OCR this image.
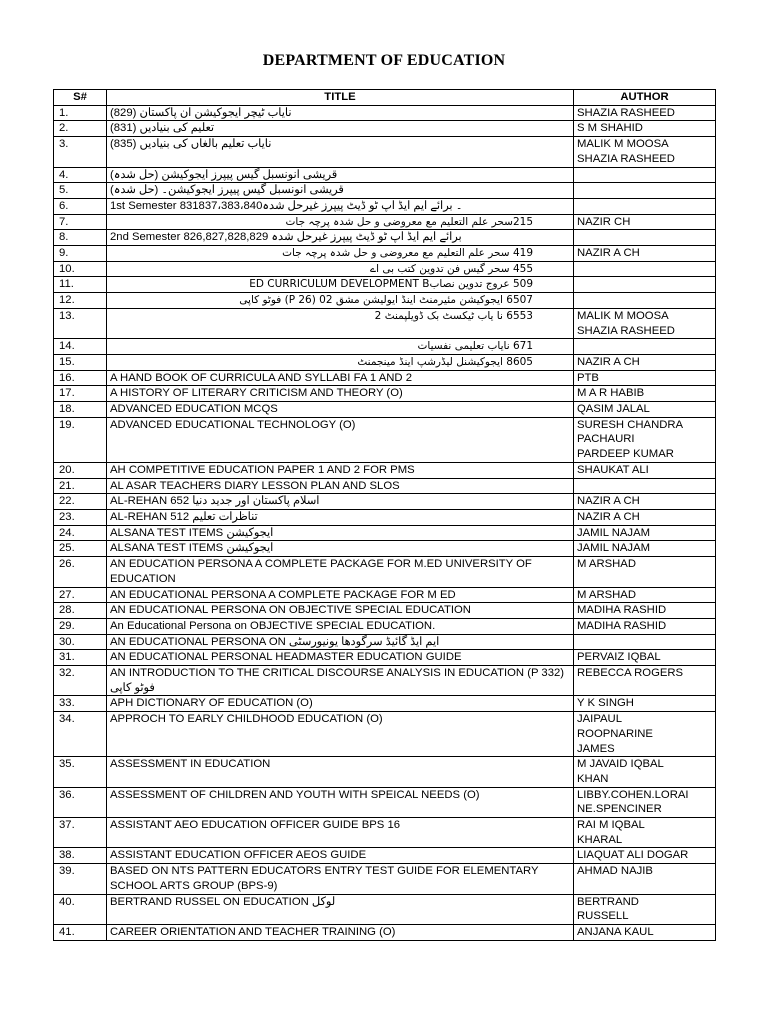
DEPARTMENT OF EDUCATION
S#	TITLE	AUTHOR
1.	نایاب ٹیچر ایجوکیشن ان پاکستان (829)	SHAZIA RASHEED
2.	تعلیم کی بنیادیں (831)	S M SHAHID
3.	نایاب تعلیم بالغاں کی بنیادیں (835)	MALIK M MOOSA
SHAZIA RASHEED
4.	قریشی انونسبل گیس پیپرز ایجوکیشن (حل شدہ)	
5.	قریشی انونسبل گیس پیپرز ایجوکیشن۔ (حل شدہ)	
6.	1st Semester 831837،383،840۔ برائے ایم ایڈ اپ ٹو ڈیٹ پیپرز غیرحل شدہ	
7.	215سحر علم التعلیم مع معروضی و حل شدہ پرچہ جات	NAZIR CH
8.	2nd Semester 826,827,828,829 برائے ایم ایڈ اپ ٹو ڈیٹ پیپرز غیرحل شدہ	
9.	419 سحر علم التعلیم مع معروضی و حل شدہ پرچہ جات	NAZIR A CH
10.	455 سحر گیس فن تدوین کتب بی اے	
11.	509 عروج تدوین نصابED CURRICULUM DEVELOPMENT B	
12.	6507 ایجوکیشن مئیرمنٹ اینڈ ایولیشن مشق 02 (P 26) فوٹو کاپی	
13.	6553 نا یاب ٹیکسٹ بک ڈویلپمنٹ 2	MALIK M MOOSA
SHAZIA RASHEED
14.	671 نایاب تعلیمی نفسیات	
15.	8605 ایجوکیشنل لیڈرشپ اینڈ مینجمنٹ	NAZIR A CH
16.	A HAND BOOK OF CURRICULA AND SYLLABI FA 1 AND 2	PTB
17.	A HISTORY OF LITERARY CRITICISM AND THEORY (O)	M A R HABIB
18.	ADVANCED EDUCATION MCQS	QASIM JALAL
19.	ADVANCED EDUCATIONAL TECHNOLOGY (O)	SURESH CHANDRA
PACHAURI
PARDEEP KUMAR
20.	AH COMPETITIVE EDUCATION PAPER 1 AND 2 FOR PMS	SHAUKAT ALI
21.	AL ASAR TEACHERS DIARY LESSON PLAN AND SLOS	
22.	AL-REHAN 652 اسلام پاکستان اور جدید دنیا	NAZIR A CH
23.	AL-REHAN 512 تناظرات تعلیم	NAZIR A CH
24.	ALSANA TEST ITEMS ایجوکیشن	JAMIL NAJAM
25.	ALSANA TEST ITEMS ایجوکیشن	JAMIL NAJAM
26.	AN EDUCATION PERSONA A COMPLETE PACKAGE FOR M.ED UNIVERSITY OF EDUCATION	M ARSHAD
27.	AN EDUCATIONAL PERSONA A COMPLETE PACKAGE FOR M ED	M ARSHAD
28.	AN EDUCATIONAL PERSONA ON OBJECTIVE SPECIAL EDUCATION	MADIHA RASHID
29.	An Educational Persona on OBJECTIVE SPECIAL EDUCATION.	MADIHA RASHID
30.	AN EDUCATIONAL PERSONA ON ایم ایڈ گائیڈ سرگودھا یونیورسٹی	
31.	AN EDUCATIONAL PERSONAL HEADMASTER EDUCATION GUIDE	PERVAIZ IQBAL
32.	AN INTRODUCTION TO THE CRITICAL DISCOURSE ANALYSIS IN EDUCATION (P 332) فوٹو کاپی	REBECCA ROGERS
33.	APH DICTIONARY OF EDUCATION (O)	Y K SINGH
34.	APPROCH TO EARLY CHILDHOOD EDUCATION (O)	JAIPAUL
ROOPNARINE
JAMES
35.	ASSESSMENT IN EDUCATION	M JAVAID IQBAL
KHAN
36.	ASSESSMENT OF CHILDREN AND YOUTH WITH SPEICAL NEEDS (O)	LIBBY.COHEN.LORAI
NE.SPENCINER
37.	ASSISTANT AEO EDUCATION OFFICER GUIDE BPS 16	RAI M IQBAL
KHARAL
38.	ASSISTANT EDUCATION OFFICER AEOS GUIDE	LIAQUAT ALI DOGAR
39.	BASED ON NTS PATTERN EDUCATORS ENTRY TEST GUIDE FOR ELEMENTARY SCHOOL ARTS GROUP (BPS-9)	AHMAD NAJIB
40.	BERTRAND RUSSEL ON EDUCATION لوکل	BERTRAND
RUSSELL
41.	CAREER ORIENTATION AND TEACHER TRAINING (O)	ANJANA KAUL
